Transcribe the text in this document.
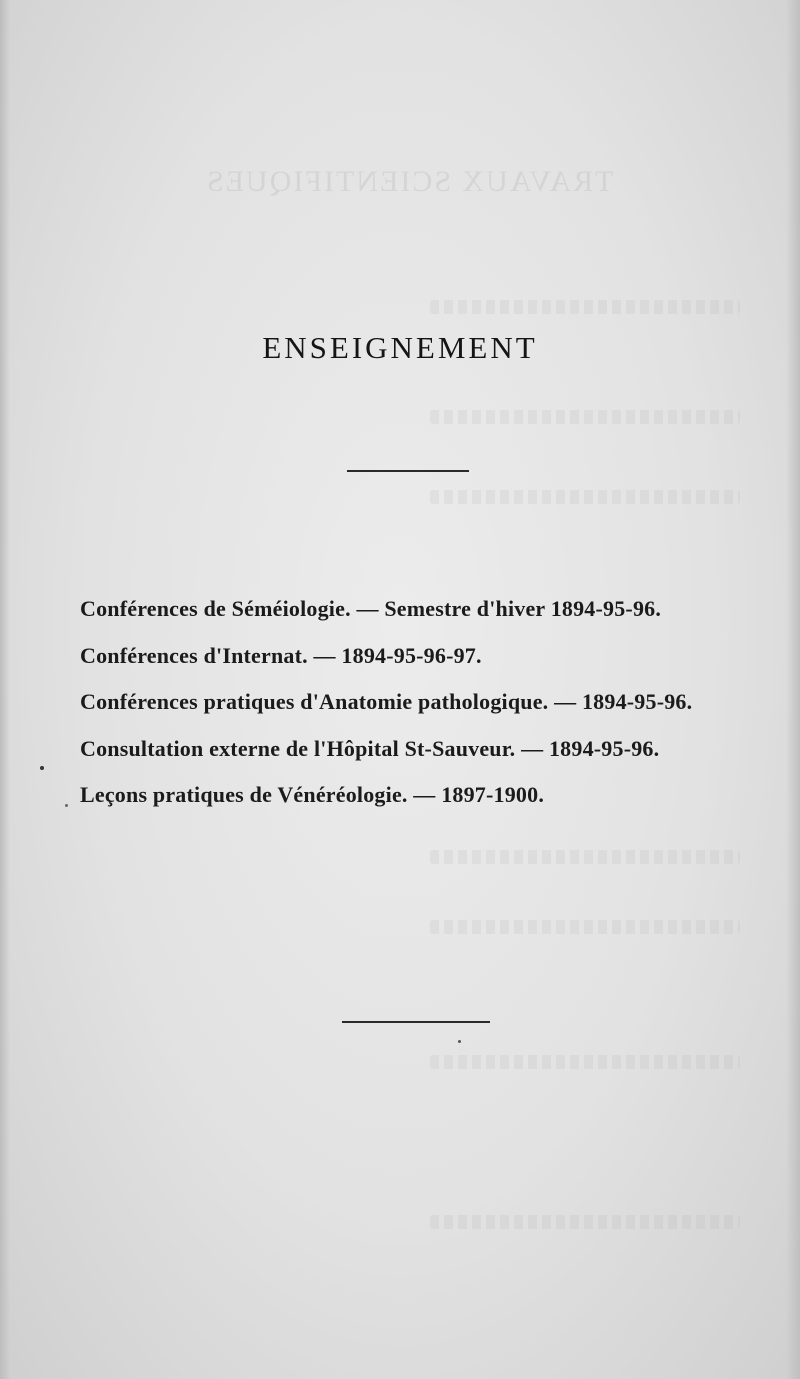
TRAVAUX SCIENTIFIQUES
ENSEIGNEMENT
Conférences de Séméiologie. — Semestre d'hiver 1894-95-96.
Conférences d'Internat. — 1894-95-96-97.
Conférences pratiques d'Anatomie pathologique. — 1894-95-96.
Consultation externe de l'Hôpital St-Sauveur. — 1894-95-96.
Leçons pratiques de Vénéréologie. — 1897-1900.
